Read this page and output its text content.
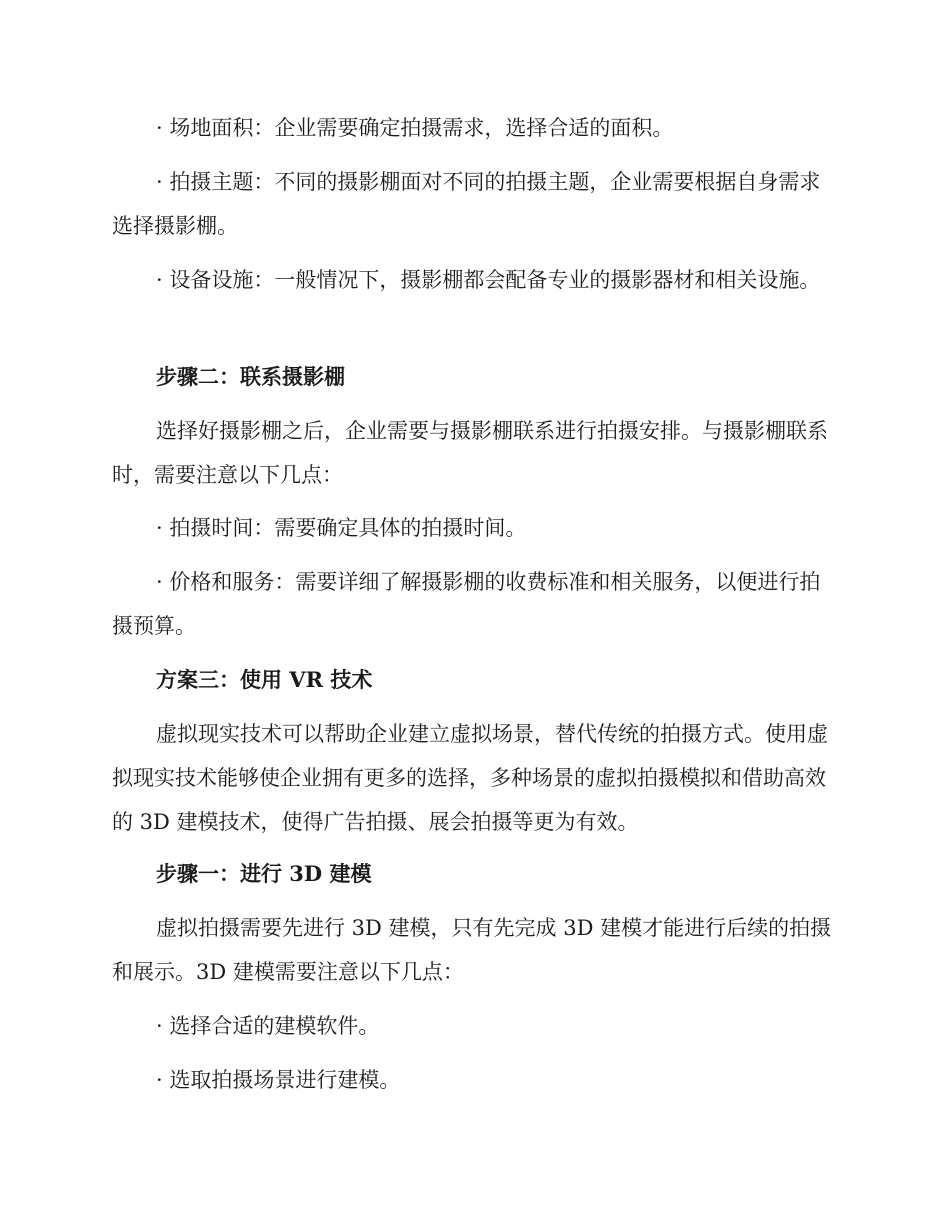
· 场地面积：企业需要确定拍摄需求，选择合适的面积。
· 拍摄主题：不同的摄影棚面对不同的拍摄主题，企业需要根据自身需求选择摄影棚。
· 设备设施：一般情况下，摄影棚都会配备专业的摄影器材和相关设施。
步骤二：联系摄影棚
选择好摄影棚之后，企业需要与摄影棚联系进行拍摄安排。与摄影棚联系时，需要注意以下几点：
· 拍摄时间：需要确定具体的拍摄时间。
· 价格和服务：需要详细了解摄影棚的收费标准和相关服务，以便进行拍摄预算。
方案三：使用 VR 技术
虚拟现实技术可以帮助企业建立虚拟场景，替代传统的拍摄方式。使用虚拟现实技术能够使企业拥有更多的选择，多种场景的虚拟拍摄模拟和借助高效的 3D 建模技术，使得广告拍摄、展会拍摄等更为有效。
步骤一：进行 3D 建模
虚拟拍摄需要先进行 3D 建模，只有先完成 3D 建模才能进行后续的拍摄和展示。3D 建模需要注意以下几点：
· 选择合适的建模软件。
· 选取拍摄场景进行建模。
